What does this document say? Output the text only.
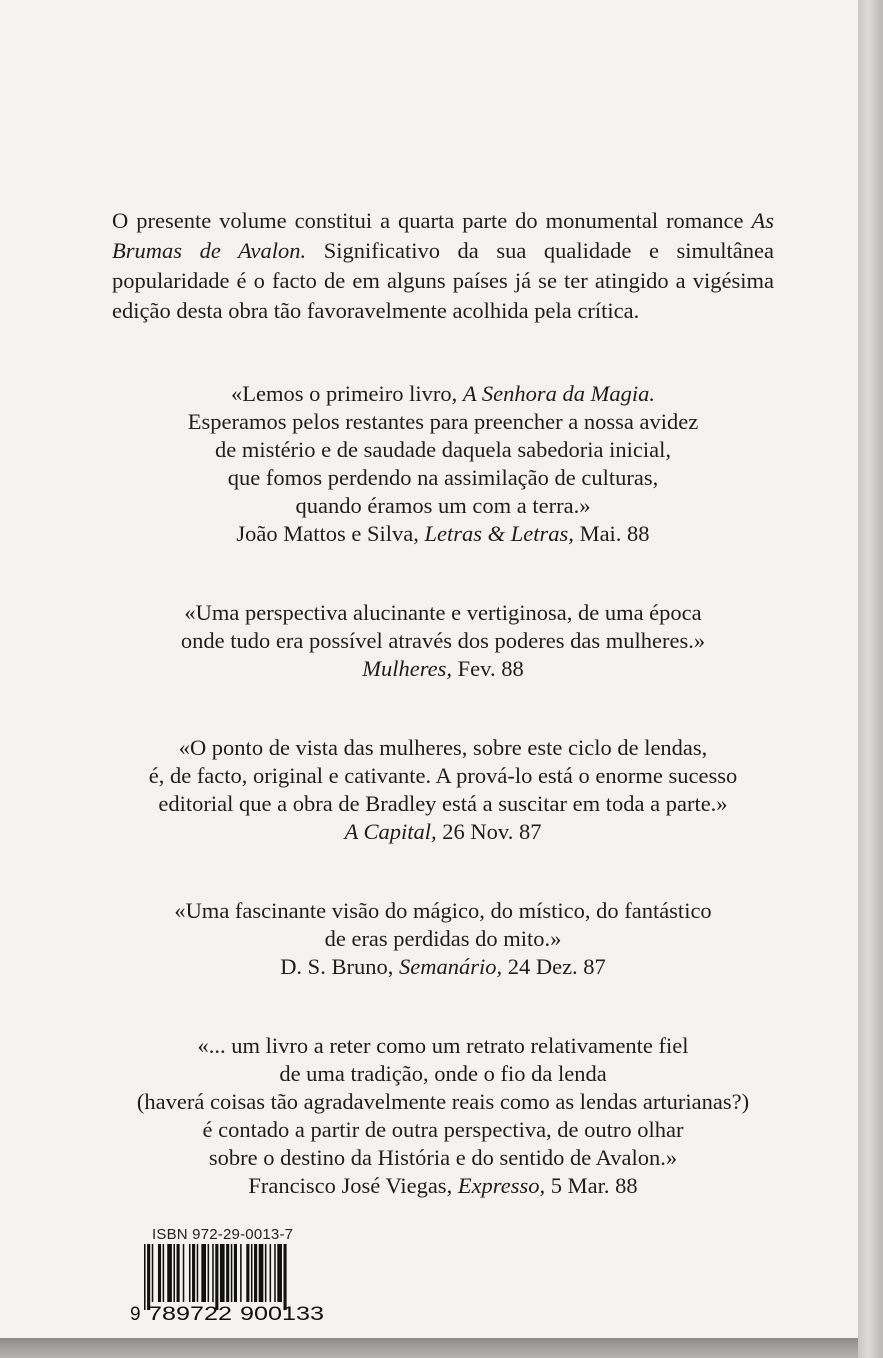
O presente volume constitui a quarta parte do monumental romance As Brumas de Avalon. Significativo da sua qualidade e simultânea popularidade é o facto de em alguns países já se ter atingido a vigésima edição desta obra tão favoravelmente acolhida pela crítica.

«Lemos o primeiro livro, A Senhora da Magia.
Esperamos pelos restantes para preencher a nossa avidez
de mistério e de saudade daquela sabedoria inicial,
que fomos perdendo na assimilação de culturas,
quando éramos um com a terra.»
João Mattos e Silva, Letras & Letras, Mai. 88
«Uma perspectiva alucinante e vertiginosa, de uma época
onde tudo era possível através dos poderes das mulheres.»
Mulheres, Fev. 88
«O ponto de vista das mulheres, sobre este ciclo de lendas,
é, de facto, original e cativante. A prová-lo está o enorme sucesso
editorial que a obra de Bradley está a suscitar em toda a parte.»
A Capital, 26 Nov. 87
«Uma fascinante visão do mágico, do místico, do fantástico
de eras perdidas do mito.»
D. S. Bruno, Semanário, 24 Dez. 87
«... um livro a reter como um retrato relativamente fiel
de uma tradição, onde o fio da lenda
(haverá coisas tão agradavelmente reais como as lendas arturianas?)
é contado a partir de outra perspectiva, de outro olhar
sobre o destino da História e do sentido de Avalon.»
Francisco José Viegas, Expresso, 5 Mar. 88
ISBN 972-29-0013-7
9 789722 900133
